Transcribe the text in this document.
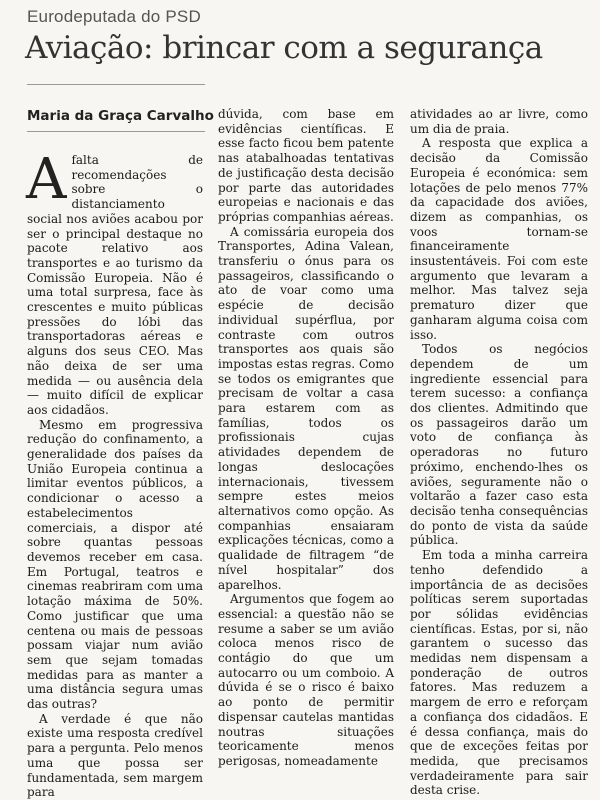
Eurodeputada do PSD
Aviação: brincar com a segurança
Maria da Graça Carvalho
A falta de recomendações sobre o distanciamento social nos aviões acabou por ser o principal destaque no pacote relativo aos transportes e ao turismo da Comissão Europeia. Não é uma total surpresa, face às crescentes e muito públicas pressões do lóbi das transportadoras aéreas e alguns dos seus CEO. Mas não deixa de ser uma medida — ou ausência dela — muito difícil de explicar aos cidadãos.

Mesmo em progressiva redução do confinamento, a generalidade dos países da União Europeia continua a limitar eventos públicos, a condicionar o acesso a estabelecimentos comerciais, a dispor até sobre quantas pessoas devemos receber em casa. Em Portugal, teatros e cinemas reabriram com uma lotação máxima de 50%. Como justificar que uma centena ou mais de pessoas possam viajar num avião sem que sejam tomadas medidas para as manter a uma distância segura umas das outras?

A verdade é que não existe uma resposta credível para a pergunta. Pelo menos uma que possa ser fundamentada, sem margem para

dúvida, com base em evidências científicas. E esse facto ficou bem patente nas atabalhoadas tentativas de justificação desta decisão por parte das autoridades europeias e nacionais e das próprias companhias aéreas.

A comissária europeia dos Transportes, Adina Valean, transferiu o ónus para os passageiros, classificando o ato de voar como uma espécie de decisão individual supérflua, por contraste com outros transportes aos quais são impostas estas regras. Como se todos os emigrantes que precisam de voltar a casa para estarem com as famílias, todos os profissionais cujas atividades dependem de longas deslocações internacionais, tivessem sempre estes meios alternativos como opção. As companhias ensaiaram explicações técnicas, como a qualidade de filtragem “de nível hospitalar” dos aparelhos.

Argumentos que fogem ao essencial: a questão não se resume a saber se um avião coloca menos risco de contágio do que um autocarro ou um comboio. A dúvida é se o risco é baixo ao ponto de permitir dispensar cautelas mantidas noutras situações teoricamente menos perigosas, nomeadamente

atividades ao ar livre, como um dia de praia.

A resposta que explica a decisão da Comissão Europeia é económica: sem lotações de pelo menos 77% da capacidade dos aviões, dizem as companhias, os voos tornam-se financeiramente insustentáveis. Foi com este argumento que levaram a melhor. Mas talvez seja prematuro dizer que ganharam alguma coisa com isso.

Todos os negócios dependem de um ingrediente essencial para terem sucesso: a confiança dos clientes. Admitindo que os passageiros darão um voto de confiança às operadoras no futuro próximo, enchendo-lhes os aviões, seguramente não o voltarão a fazer caso esta decisão tenha consequências do ponto de vista da saúde pública.

Em toda a minha carreira tenho defendido a importância de as decisões políticas serem suportadas por sólidas evidências científicas. Estas, por si, não garantem o sucesso das medidas nem dispensam a ponderação de outros fatores. Mas reduzem a margem de erro e reforçam a confiança dos cidadãos. E é dessa confiança, mais do que de exceções feitas por medida, que precisamos verdadeiramente para sair desta crise.
